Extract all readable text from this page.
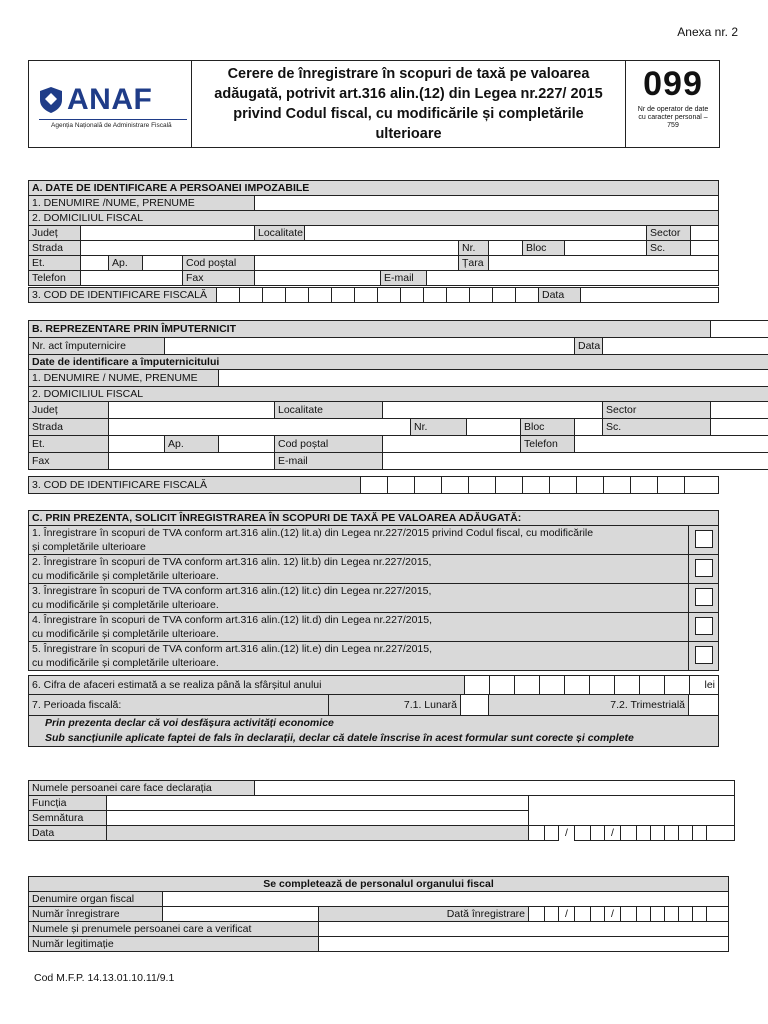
Anexa nr. 2
ANAF
Agenția Națională de Administrare Fiscală
Cerere de înregistrare în scopuri de taxă pe valoarea adăugată, potrivit art.316 alin.(12) din Legea nr.227/ 2015 privind Codul fiscal, cu modificările și completările ulterioare
099
Nr de operator de date cu caracter personal – 759
A. DATE DE IDENTIFICARE A PERSOANEI IMPOZABILE														
1. DENUMIRE /NUME, PRENUME														
2. DOMICILIUL FISCAL														
Județ					Localitate								Sector	
Strada									Nr.		Bloc		Sc.	
Et.		Ap.		Cod poștal					Țara					
Telefon				Fax			E-mail							
3. COD DE IDENTIFICARE FISCALĂ															Data	
B. REPREZENTARE PRIN ÎMPUTERNICIT											
Nr. act împuternicire									Data		
Date de identificare a împuternicitului											
1. DENUMIRE / NUME, PRENUME											
2. DOMICILIUL FISCAL											
Județ				Localitate						Sector	
Strada						Nr.		Bloc		Sc.	
Et.		Ap.		Cod poștal				Telefon			
Fax				E-mail							
3. COD DE IDENTIFICARE FISCALĂ													
C. PRIN PREZENTA, SOLICIT ÎNREGISTRAREA ÎN SCOPURI DE TAXĂ PE VALOAREA ADĂUGATĂ:	

1. Înregistrare în scopuri de TVA conform art.316 alin.(12) lit.a) din Legea nr.227/2015 privind Codul fiscal, cu modificările
și completările ulterioare	

2. Înregistrare în scopuri de TVA conform art.316 alin. 12) lit.b) din Legea nr.227/2015,
cu modificările și completările ulterioare.	

3. Înregistrare în scopuri de TVA conform art.316 alin.(12) lit.c) din Legea nr.227/2015,
cu modificările și completările ulterioare.	

4. Înregistrare în scopuri de TVA conform art.316 alin.(12) lit.d) din Legea nr.227/2015,
cu modificările și completările ulterioare.	

5. Înregistrare în scopuri de TVA conform art.316 alin.(12) lit.e) din Legea nr.227/2015,
cu modificările și completările ulterioare.	

6. Cifra de afaceri estimată a se realiza până la sfârșitul anului										lei
7. Perioada fiscală:	7.1. Lunară		7.2. Trimestrială	

Prin prezenta declar că voi desfășura activități economice
Sub sancțiunile aplicate faptei de fals în declarații, declar că datele înscrise în acest formular sunt corecte și complete
Numele persoanei care face declarația															
Funcția															
Semnătura															
Data					/			/							
Se completează de personalul organului fiscal															
Denumire organ fiscal															
Număr înregistrare		Dată înregistrare			/			/							
Numele și prenumele persoanei care a verificat															
Număr legitimație															
Cod M.F.P. 14.13.01.10.11/9.1
